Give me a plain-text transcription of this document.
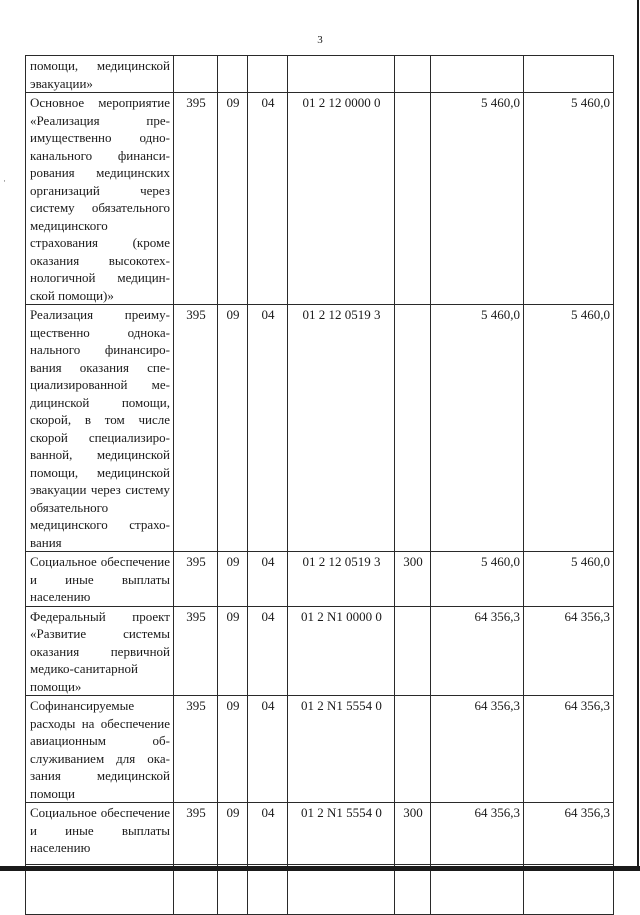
3
·
помощи, медицинской эвакуации»							
Основное мероприятие «Реализация преимущественно одноканального финансирования медицинских организаций через систему обязательного медицинского страхования (кроме оказания высокотехнологичной медицинской помощи)»	395	09	04	01 2 12 0000 0		5 460,0	5 460,0
Реализация преимущественно одноканального финансирования оказания специализированной медицинской помощи, скорой, в том числе скорой специализированной, медицинской помощи, медицинской эвакуации через систему обязательного медицинского страхования	395	09	04	01 2 12 0519 3		5 460,0	5 460,0
Социальное обеспечение и иные выплаты населению	395	09	04	01 2 12 0519 3	300	5 460,0	5 460,0
Федеральный проект «Развитие системы оказания первичной медико-санитарной помощи»	395	09	04	01 2 N1 0000 0		64 356,3	64 356,3
Софинансируемые расходы на обеспечение авиационным обслуживанием для оказания медицинской помощи	395	09	04	01 2 N1 5554 0		64 356,3	64 356,3
Социальное обеспечение и иные выплаты населению	395	09	04	01 2 N1 5554 0	300	64 356,3	64 356,3
